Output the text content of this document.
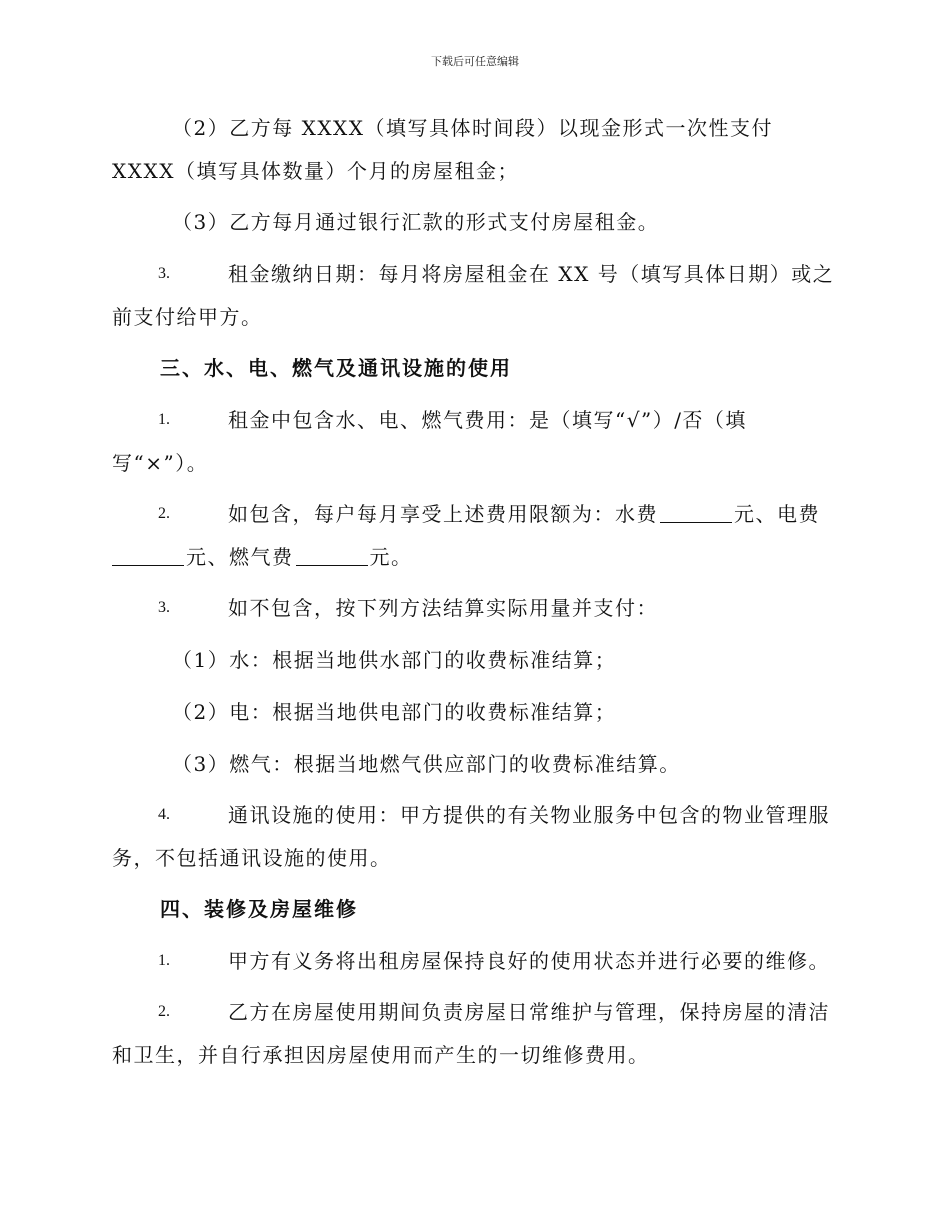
下载后可任意编辑
（2）乙方每 XXXX（填写具体时间段）以现金形式一次性支付
XXXX（填写具体数量）个月的房屋租金；
（3）乙方每月通过银行汇款的形式支付房屋租金。
3.	租金缴纳日期：每月将房屋租金在 XX 号（填写具体日期）或之
前支付给甲方。
三、水、电、燃气及通讯设施的使用
1.	租金中包含水、电、燃气费用：是（填写“√”）/否（填
写“×”）。
2.	如包含，每户每月享受上述费用限额为：水费	元、电费
元、燃气费	元。
3.	如不包含，按下列方法结算实际用量并支付：
（1）水：根据当地供水部门的收费标准结算；
（2）电：根据当地供电部门的收费标准结算；
（3）燃气：根据当地燃气供应部门的收费标准结算。
4.	通讯设施的使用：甲方提供的有关物业服务中包含的物业管理服
务，不包括通讯设施的使用。
四、装修及房屋维修
1.	甲方有义务将出租房屋保持良好的使用状态并进行必要的维修。
2.	乙方在房屋使用期间负责房屋日常维护与管理，保持房屋的清洁
和卫生，并自行承担因房屋使用而产生的一切维修费用。
